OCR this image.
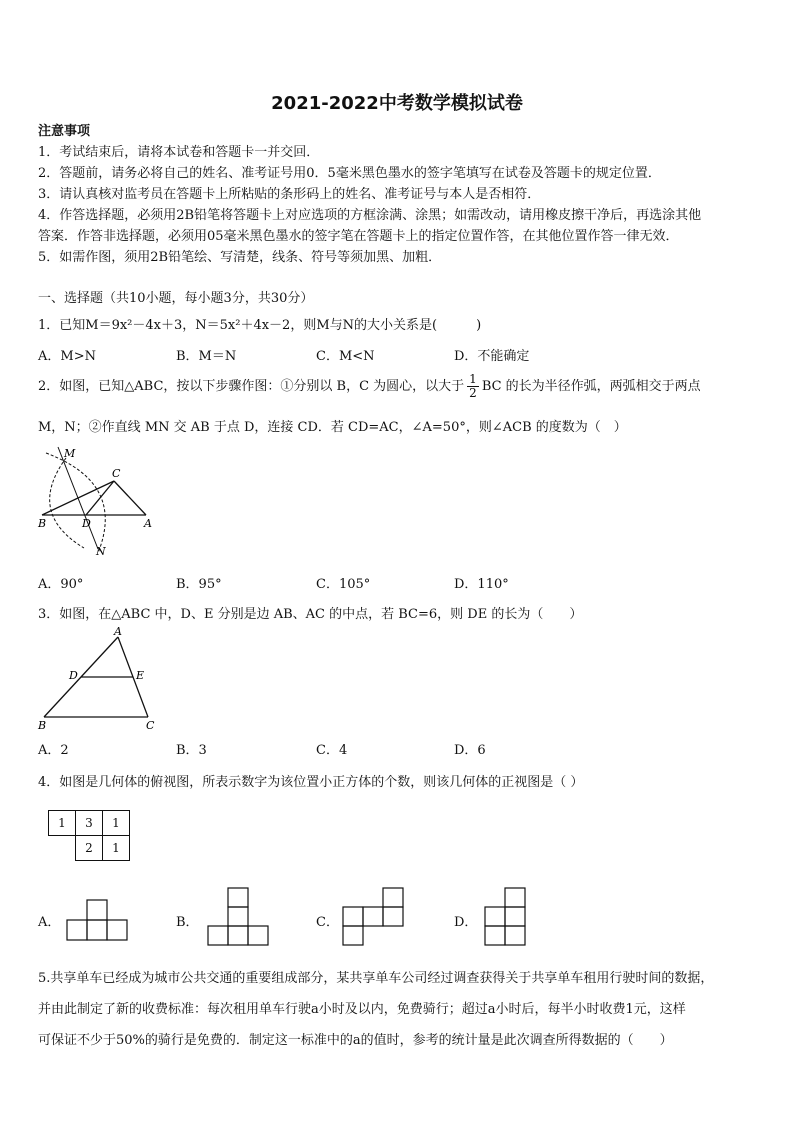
2021-2022中考数学模拟试卷
注意事项
1．考试结束后，请将本试卷和答题卡一并交回．
2．答题前，请务必将自己的姓名、准考证号用0．5毫米黑色墨水的签字笔填写在试卷及答题卡的规定位置．
3．请认真核对监考员在答题卡上所粘贴的条形码上的姓名、准考证号与本人是否相符．
4．作答选择题，必须用2B铅笔将答题卡上对应选项的方框涂满、涂黑；如需改动，请用橡皮擦干净后，再选涂其他
答案．作答非选择题，必须用05毫米黑色墨水的签字笔在答题卡上的指定位置作答，在其他位置作答一律无效．
5．如需作图，须用2B铅笔绘、写清楚，线条、符号等须加黑、加粗．
一、选择题（共10小题，每小题3分，共30分）
1．已知M＝9x²－4x＋3，N＝5x²＋4x－2，则M与N的大小关系是(　　　)
A．M>N	B．M＝N	C．M<N	D．不能确定
2．如图，已知△ABC，按以下步骤作图：①分别以 B，C 为圆心，以大于 $\frac{1}{2}$ BC 的长为半径作弧，两弧相交于两点
M，N；②作直线 MN 交 AB 于点 D，连接 CD．若 CD=AC，∠A=50°，则∠ACB 的度数为（　）
M
C
B	D	A
N
A．90°	B．95°	C．105°	D．110°
3．如图，在△ABC 中，D、E 分别是边 AB、AC 的中点，若 BC=6，则 DE 的长为（　　）
A
D	E
B	C
A．2	B．3	C．4	D．6
4．如图是几何体的俯视图，所表示数字为该位置小正方体的个数，则该几何体的正视图是（ ）
1	3	1
	2	1
A．	B．	C．	D．
5.共享单车已经成为城市公共交通的重要组成部分，某共享单车公司经过调查获得关于共享单车租用行驶时间的数据，
并由此制定了新的收费标准：每次租用单车行驶a小时及以内，免费骑行；超过a小时后，每半小时收费1元，这样
可保证不少于50%的骑行是免费的．制定这一标准中的a的值时，参考的统计量是此次调查所得数据的（　　）
